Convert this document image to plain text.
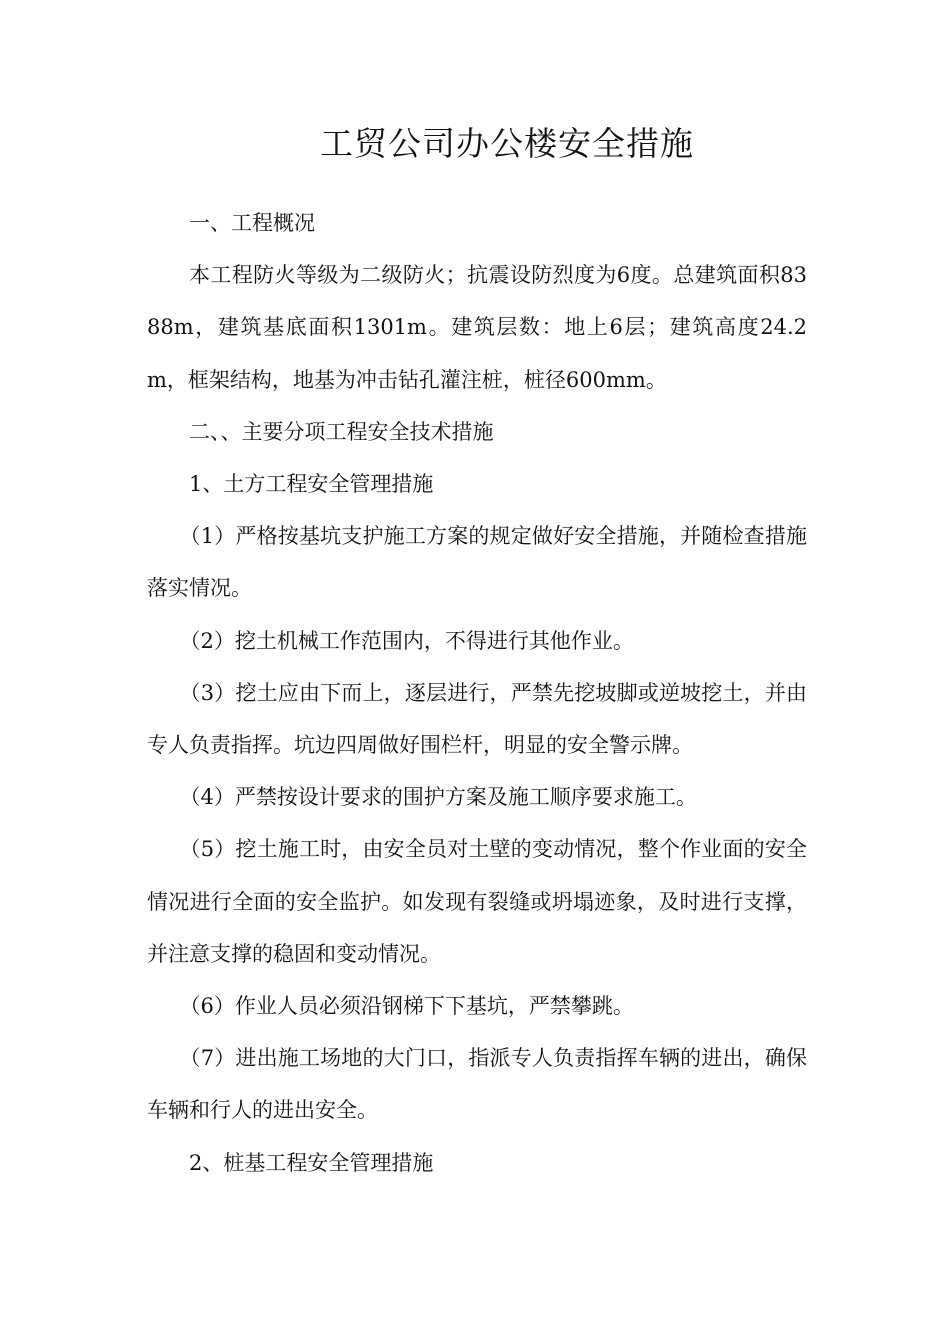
工贸公司办公楼安全措施

一、工程概况

本工程防火等级为二级防火；抗震设防烈度为6度。总建筑面积8388m，建筑基底面积1301m。建筑层数：地上6层；建筑高度24.2m，框架结构，地基为冲击钻孔灌注桩，桩径600mm。

二、、主要分项工程安全技术措施

1、土方工程安全管理措施

（1）严格按基坑支护施工方案的规定做好安全措施，并随检查措施落实情况。

（2）挖土机械工作范围内，不得进行其他作业。

（3）挖土应由下而上，逐层进行，严禁先挖坡脚或逆坡挖土，并由专人负责指挥。坑边四周做好围栏杆，明显的安全警示牌。

（4）严禁按设计要求的围护方案及施工顺序要求施工。

（5）挖土施工时，由安全员对土壁的变动情况，整个作业面的安全情况进行全面的安全监护。如发现有裂缝或坍塌迹象，及时进行支撑，并注意支撑的稳固和变动情况。

（6）作业人员必须沿钢梯下下基坑，严禁攀跳。

（7）进出施工场地的大门口，指派专人负责指挥车辆的进出，确保车辆和行人的进出安全。

2、桩基工程安全管理措施
